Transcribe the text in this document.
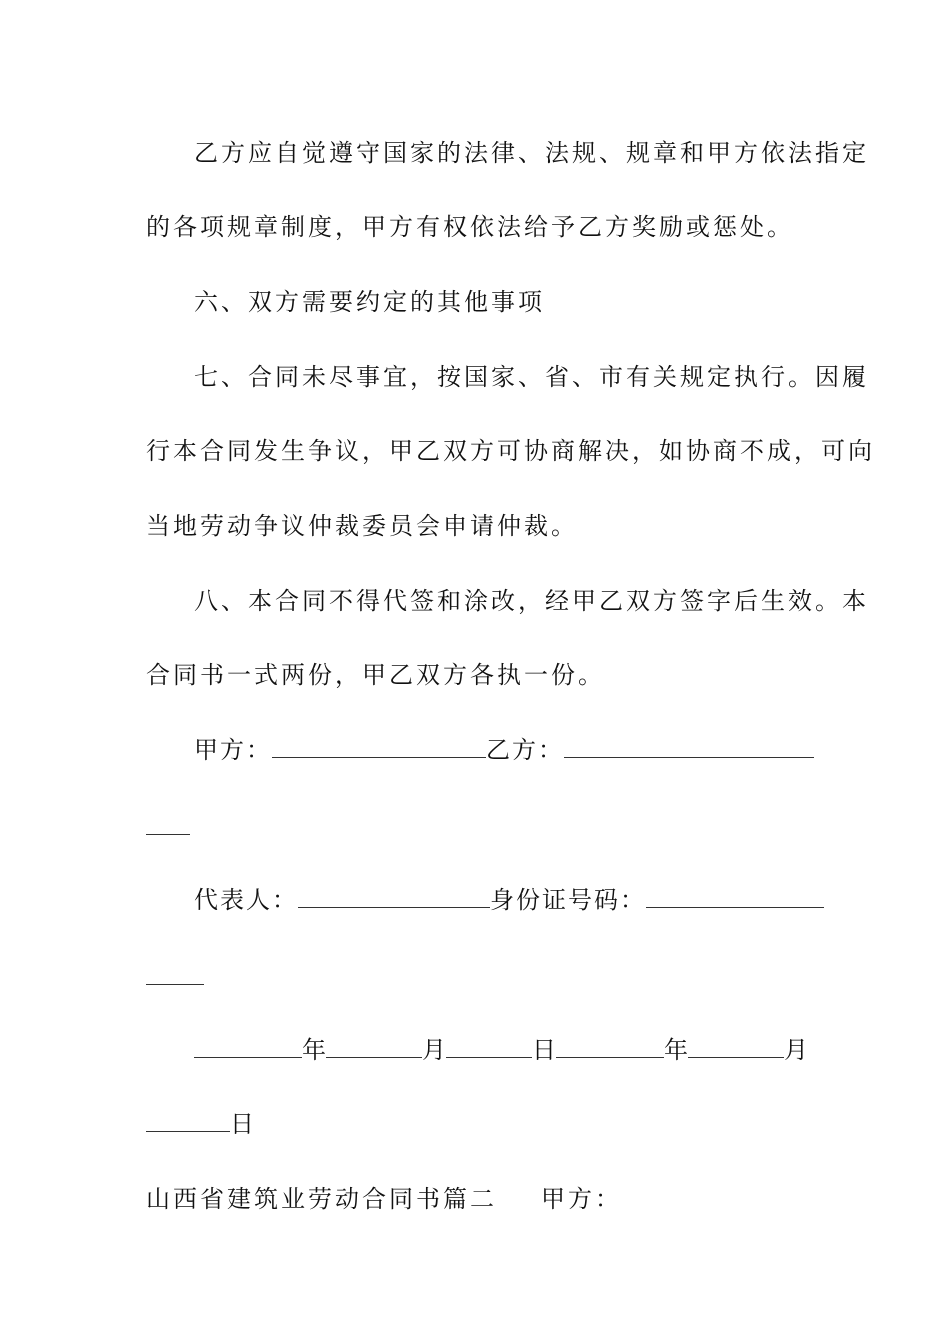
乙方应自觉遵守国家的法律、法规、规章和甲方依法指定
的各项规章制度，甲方有权依法给予乙方奖励或惩处。
六、双方需要约定的其他事项
七、合同未尽事宜，按国家、省、市有关规定执行。因履
行本合同发生争议，甲乙双方可协商解决，如协商不成，可向
当地劳动争议仲裁委员会申请仲裁。
八、本合同不得代签和涂改，经甲乙双方签字后生效。本
合同书一式两份，甲乙双方各执一份。
甲方：	乙方：
代表人：	身份证号码：
年	月	日	年	月
日
山西省建筑业劳动合同书篇二 甲方：
